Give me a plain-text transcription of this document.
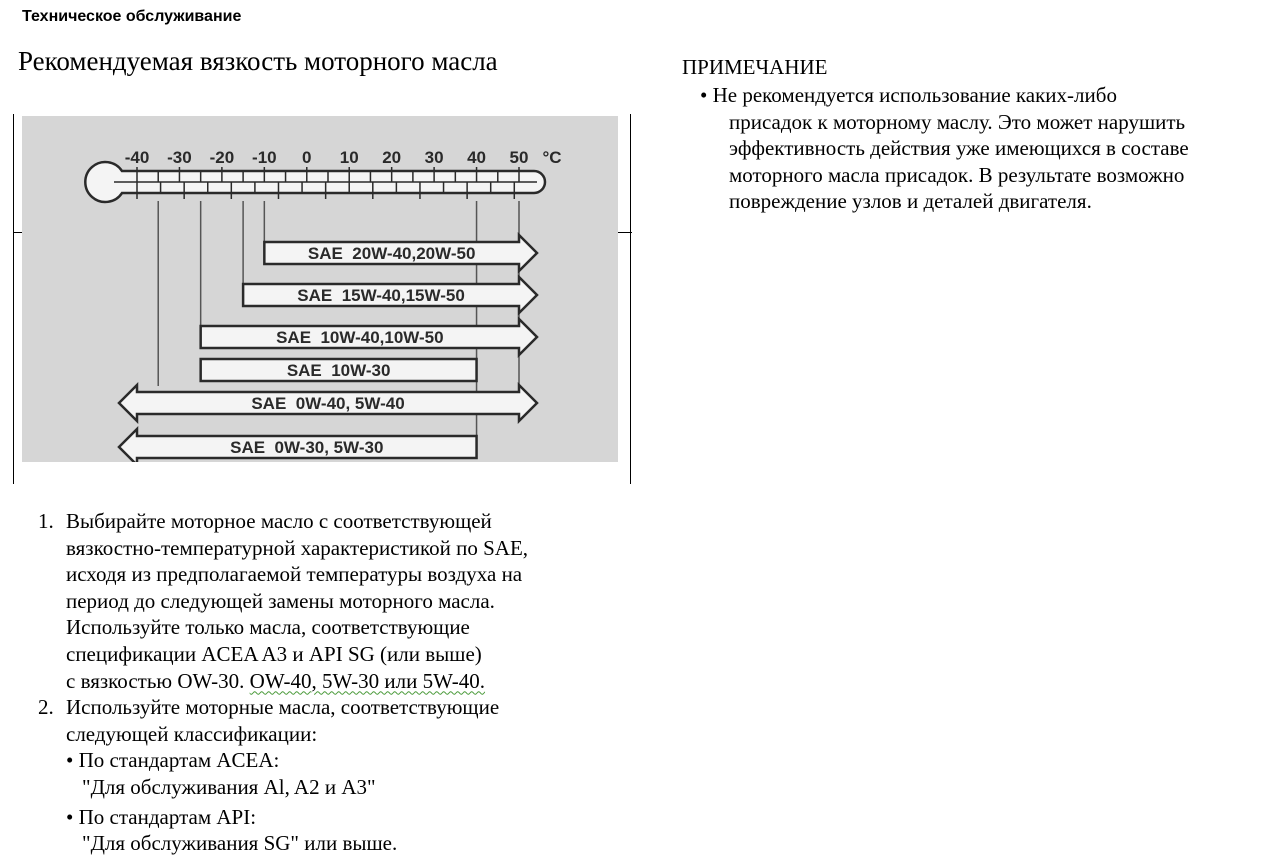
Техническое обслуживание
Рекомендуемая вязкость моторного масла
-40 -30 -20 -10 0 10 20 30 40 50 °C
SAE  20W-40,20W-50
SAE  15W-40,15W-50
SAE  10W-40,10W-50
SAE  10W-30
SAE  0W-40, 5W-40
SAE  0W-30, 5W-30
ПРИМЕЧАНИЕ
• Не рекомендуется использование каких-либо
присадок к моторному маслу. Это может нарушить
эффективность действия уже имеющихся в составе
моторного масла присадок. В результате возможно
повреждение узлов и деталей двигателя.
1. Выбирайте моторное масло с соответствующей
вязкостно-температурной характеристикой по SAE,
исходя из предполагаемой температуры воздуха на
период до следующей замены моторного масла.
Используйте только масла, соответствующие
спецификации ACEA A3 и API SG (или выше)
с вязкостью OW-30. OW-40, 5W-30 или 5W-40.
2. Используйте моторные масла, соответствующие
следующей классификации:
• По стандартам ACEA:
"Для обслуживания Al, A2 и A3"
• По стандартам API:
"Для обслуживания SG" или выше.
